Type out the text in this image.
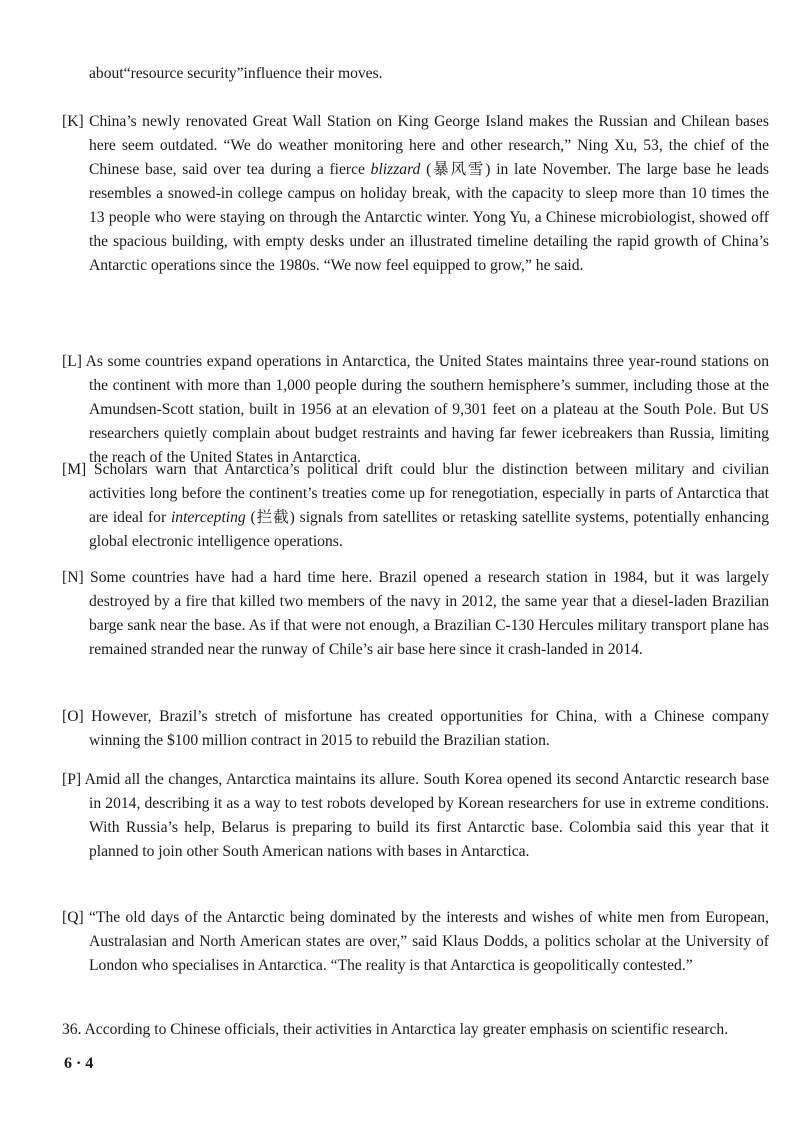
about“resource security”influence their moves.
[K] China’s newly renovated Great Wall Station on King George Island makes the Russian and Chilean bases here seem outdated. “We do weather monitoring here and other research,” Ning Xu, 53, the chief of the Chinese base, said over tea during a fierce blizzard (暴风雪) in late November. The large base he leads resembles a snowed-in college campus on holiday break, with the capacity to sleep more than 10 times the 13 people who were staying on through the Antarctic winter. Yong Yu, a Chinese microbiologist, showed off the spacious building, with empty desks under an illustrated timeline detailing the rapid growth of China’s Antarctic operations since the 1980s. “We now feel equipped to grow,” he said.
[L] As some countries expand operations in Antarctica, the United States maintains three year-round stations on the continent with more than 1,000 people during the southern hemisphere’s summer, including those at the Amundsen-Scott station, built in 1956 at an elevation of 9,301 feet on a plateau at the South Pole. But US researchers quietly complain about budget restraints and having far fewer icebreakers than Russia, limiting the reach of the United States in Antarctica.
[M] Scholars warn that Antarctica’s political drift could blur the distinction between military and civilian activities long before the continent’s treaties come up for renegotiation, especially in parts of Antarctica that are ideal for intercepting (拦截) signals from satellites or retasking satellite systems, potentially enhancing global electronic intelligence operations.
[N] Some countries have had a hard time here. Brazil opened a research station in 1984, but it was largely destroyed by a fire that killed two members of the navy in 2012, the same year that a diesel-laden Brazilian barge sank near the base. As if that were not enough, a Brazilian C-130 Hercules military transport plane has remained stranded near the runway of Chile’s air base here since it crash-landed in 2014.
[O] However, Brazil’s stretch of misfortune has created opportunities for China, with a Chinese company winning the $100 million contract in 2015 to rebuild the Brazilian station.
[P] Amid all the changes, Antarctica maintains its allure. South Korea opened its second Antarctic research base in 2014, describing it as a way to test robots developed by Korean researchers for use in extreme conditions. With Russia’s help, Belarus is preparing to build its first Antarctic base. Colombia said this year that it planned to join other South American nations with bases in Antarctica.
[Q] “The old days of the Antarctic being dominated by the interests and wishes of white men from European, Australasian and North American states are over,” said Klaus Dodds, a politics scholar at the University of London who specialises in Antarctica. “The reality is that Antarctica is geopolitically contested.”
36. According to Chinese officials, their activities in Antarctica lay greater emphasis on scientific research.
6 · 4
